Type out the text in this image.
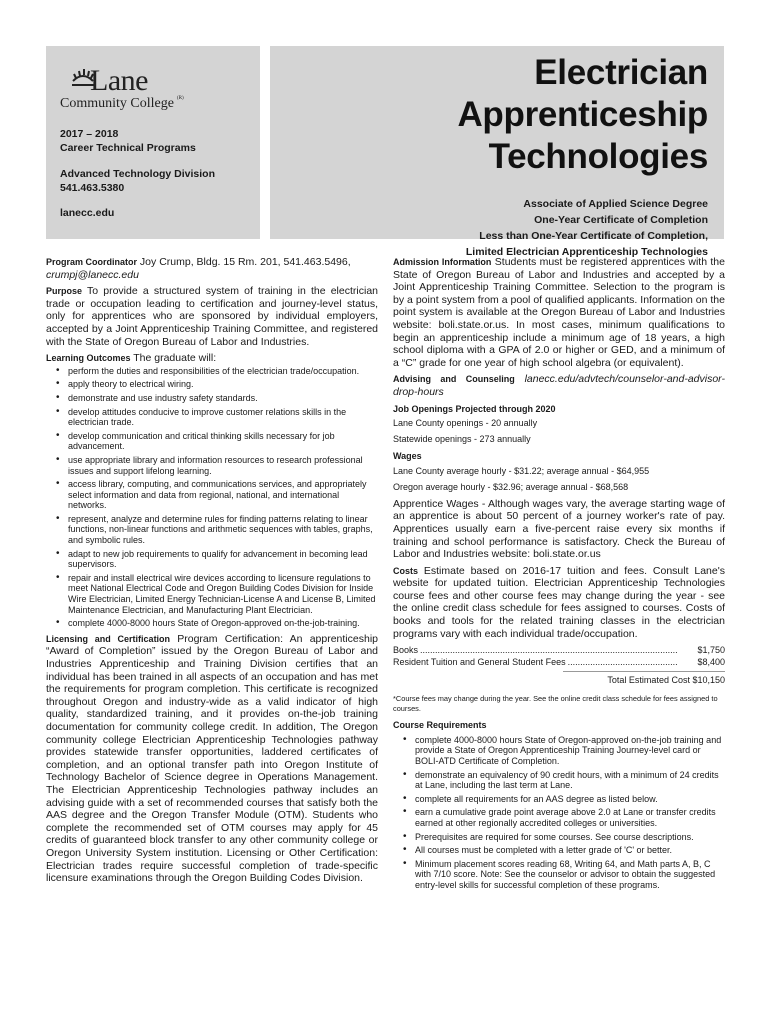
Lane
Community College $^{(R)}$
2017 – 2018
Career Technical Programs
Advanced Technology Division
541.463.5380
lanecc.edu
Electrician
Apprenticeship
Technologies
Associate of Applied Science Degree
One-Year Certificate of Completion
Less than One-Year Certificate of Completion,
Limited Electrician Apprenticeship Technologies
Program Coordinator Joy Crump, Bldg. 15 Rm. 201, 541.463.5496,
crumpj@lanecc.edu
Purpose To provide a structured system of training in the electrician trade or occupation leading to certification and journey-level status, only for apprentices who are sponsored by individual employers, accepted by a Joint Apprenticeship Training Committee, and registered with the State of Oregon Bureau of Labor and Industries.
Learning Outcomes The graduate will:
• perform the duties and responsibilities of the electrician trade/occupation.
• apply theory to electrical wiring.
• demonstrate and use industry safety standards.
• develop attitudes conducive to improve customer relations skills in the electrician trade.
• develop communication and critical thinking skills necessary for job advancement.
• use appropriate library and information resources to research professional issues and support lifelong learning.
• access library, computing, and communications services, and appropriately select information and data from regional, national, and international networks.
• represent, analyze and determine rules for finding patterns relating to linear functions, non-linear functions and arithmetic sequences with tables, graphs, and symbolic rules.
• adapt to new job requirements to qualify for advancement in becoming lead supervisors.
• repair and install electrical wire devices according to licensure regulations to meet National Electrical Code and Oregon Building Codes Division for Inside Wire Electrician, Limited Energy Technician-License A and License B, Limited Maintenance Electrician, and Manufacturing Plant Electrician.
• complete 4000-8000 hours State of Oregon-approved on-the-job-training.
Licensing and Certification Program Certification: An apprenticeship “Award of Completion” issued by the Oregon Bureau of Labor and Industries Apprenticeship and Training Division certifies that an individual has been trained in all aspects of an occupation and has met the requirements for program completion. This certificate is recognized throughout Oregon and industry-wide as a valid indicator of high quality, standardized training, and it provides on-the-job training documentation for community college credit. In addition, The Oregon community college Electrician Apprenticeship Technologies pathway provides statewide transfer opportunities, laddered certificates of completion, and an optional transfer path into Oregon Institute of Technology Bachelor of Science degree in Operations Management. The Electrician Apprenticeship Technologies pathway includes an advising guide with a set of recommended courses that satisfy both the AAS degree and the Oregon Transfer Module (OTM). Students who complete the recommended set of OTM courses may apply for 45 credits of guaranteed block transfer to any other community college or Oregon University System institution. Licensing or Other Certification: Electrician trades require successful completion of trade-specific licensure examinations through the Oregon Building Codes Division.
Admission Information Students must be registered apprentices with the State of Oregon Bureau of Labor and Industries and accepted by a Joint Apprenticeship Training Committee. Selection to the program is by a point system from a pool of qualified applicants. Information on the point system is available at the Oregon Bureau of Labor and Industries website: boli.state.or.us. In most cases, minimum qualifications to begin an apprenticeship include a minimum age of 18 years, a high school diploma with a GPA of 2.0 or higher or GED, and a minimum of a “C” grade for one year of high school algebra (or equivalent).
Advising and Counseling lanecc.edu/advtech/counselor-and-advisor-drop-hours
Job Openings Projected through 2020
Lane County openings - 20 annually
Statewide openings - 273 annually
Wages
Lane County average hourly - $31.22; average annual - $64,955
Oregon average hourly - $32.96; average annual - $68,568
Apprentice Wages - Although wages vary, the average starting wage of an apprentice is about 50 percent of a journey worker's rate of pay. Apprentices usually earn a five-percent raise every six months if training and school performance is satisfactory. Check the Bureau of Labor and Industries website: boli.state.or.us
Costs Estimate based on 2016-17 tuition and fees. Consult Lane's website for updated tuition. Electrician Apprenticeship Technologies course fees and other course fees may change during the year - see the online credit class schedule for fees assigned to courses. Costs of books and tools for the related training classes in the electrician programs vary with each individual trade/occupation.
Books .....	$1,750
Resident Tuition and General Student Fees .....	$8,400
Total Estimated Cost $10,150
*Course fees may change during the year. See the online credit class schedule for fees assigned to courses.
Course Requirements
• complete 4000-8000 hours State of Oregon-approved on-the-job training and provide a State of Oregon Apprenticeship Training Journey-level card or BOLI-ATD Certificate of Completion.
• demonstrate an equivalency of 90 credit hours, with a minimum of 24 credits at Lane, including the last term at Lane.
• complete all requirements for an AAS degree as listed below.
• earn a cumulative grade point average above 2.0 at Lane or transfer credits earned at other regionally accredited colleges or universities.
• Prerequisites are required for some courses. See course descriptions.
• All courses must be completed with a letter grade of 'C' or better.
• Minimum placement scores reading 68, Writing 64, and Math parts A, B, C with 7/10 score. Note: See the counselor or advisor to obtain the suggested entry-level skills for successful completion of these programs.
